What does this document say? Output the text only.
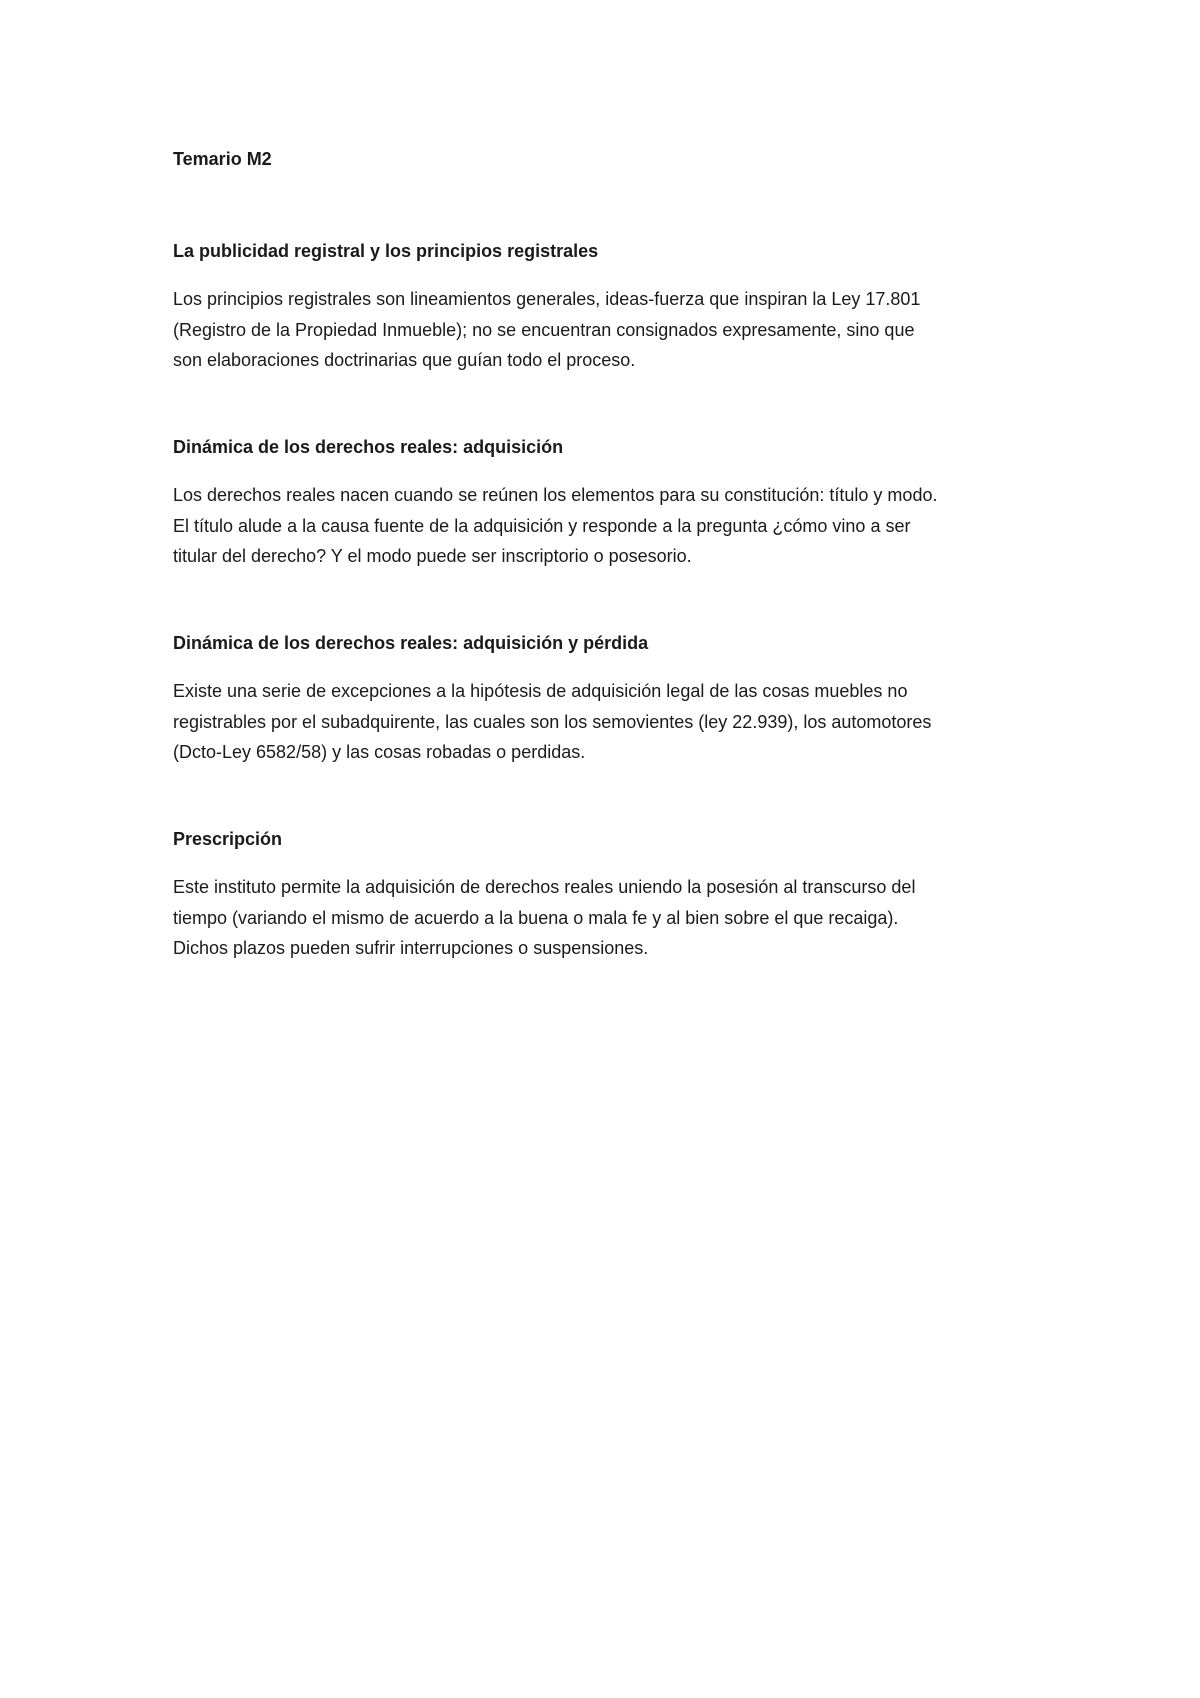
Temario M2

La publicidad registral y los principios registrales

Los principios registrales son lineamientos generales, ideas-fuerza que inspiran la Ley 17.801
(Registro de la Propiedad Inmueble); no se encuentran consignados expresamente, sino que
son elaboraciones doctrinarias que guían todo el proceso.

Dinámica de los derechos reales: adquisición

Los derechos reales nacen cuando se reúnen los elementos para su constitución: título y modo.
El título alude a la causa fuente de la adquisición y responde a la pregunta ¿cómo vino a ser
titular del derecho? Y el modo puede ser inscriptorio o posesorio.

Dinámica de los derechos reales: adquisición y pérdida

Existe una serie de excepciones a la hipótesis de adquisición legal de las cosas muebles no
registrables por el subadquirente, las cuales son los semovientes (ley 22.939), los automotores
(Dcto-Ley 6582/58) y las cosas robadas o perdidas.

Prescripción

Este instituto permite la adquisición de derechos reales uniendo la posesión al transcurso del
tiempo (variando el mismo de acuerdo a la buena o mala fe y al bien sobre el que recaiga).
Dichos plazos pueden sufrir interrupciones o suspensiones.
